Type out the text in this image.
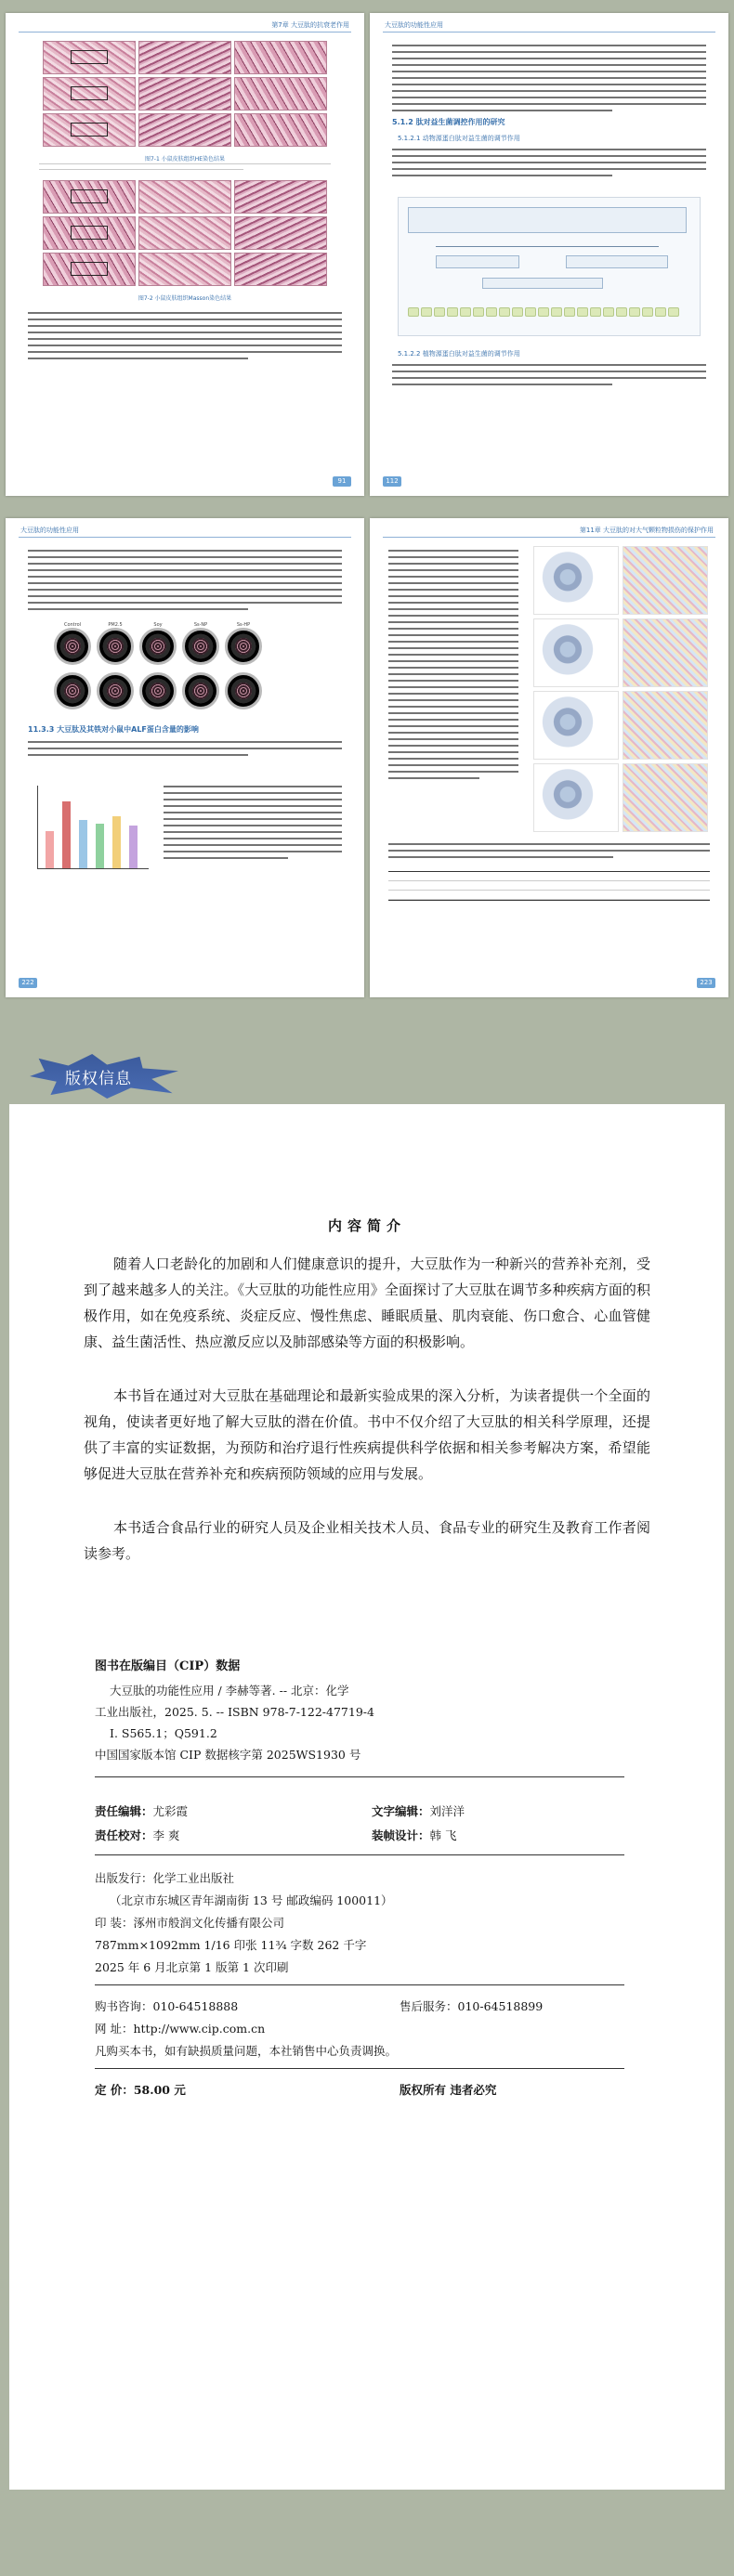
第7章 大豆肽的抗衰老作用
图7-1 小鼠皮肤组织HE染色结果
图7-2 小鼠皮肤组织Masson染色结果
91
大豆肽的功能性应用
5.1.2 肽对益生菌调控作用的研究
5.1.2.1 动物源蛋白肽对益生菌的调节作用
5.1.2.2 植物源蛋白肽对益生菌的调节作用
112
大豆肽的功能性应用
Control	PM2.5	Soy	Ss-NP	Ss-HP
11.3.3 大豆肽及其铁对小鼠中ALF蛋白含量的影响
222
第11章 大豆肽的对大气颗粒物损伤的保护作用
223
版权信息
内容简介

随着人口老龄化的加剧和人们健康意识的提升，大豆肽作为一种新兴的营养补充剂，受到了越来越多人的关注。《大豆肽的功能性应用》全面探讨了大豆肽在调节多种疾病方面的积极作用，如在免疫系统、炎症反应、慢性焦虑、睡眠质量、肌肉衰能、伤口愈合、心血管健康、益生菌活性、热应激反应以及肺部感染等方面的积极影响。

本书旨在通过对大豆肽在基础理论和最新实验成果的深入分析，为读者提供一个全面的视角，使读者更好地了解大豆肽的潜在价值。书中不仅介绍了大豆肽的相关科学原理，还提供了丰富的实证数据，为预防和治疗退行性疾病提供科学依据和相关参考解决方案，希望能够促进大豆肽在营养补充和疾病预防领域的应用与发展。

本书适合食品行业的研究人员及企业相关技术人员、食品专业的研究生及教育工作者阅读参考。

图书在版编目（CIP）数据
大豆肽的功能性应用 / 李赫等著. -- 北京：化学
工业出版社，2025. 5. -- ISBN 978-7-122-47719-4
Ⅰ. S565.1；Q591.2
中国国家版本馆 CIP 数据核字第 2025WS1930 号
责任编辑：尤彩霞	文字编辑：刘洋洋
责任校对：李 爽	装帧设计：韩 飞
出版发行：化学工业出版社
（北京市东城区青年湖南街 13 号 邮政编码 100011）
印 装：涿州市般润文化传播有限公司
787mm×1092mm 1/16 印张 11¾ 字数 262 千字
2025 年 6 月北京第 1 版第 1 次印刷
购书咨询：010-64518888	售后服务：010-64518899
网 址：http://www.cip.com.cn
凡购买本书，如有缺损质量问题，本社销售中心负责调换。
定 价：58.00 元	版权所有 违者必究
